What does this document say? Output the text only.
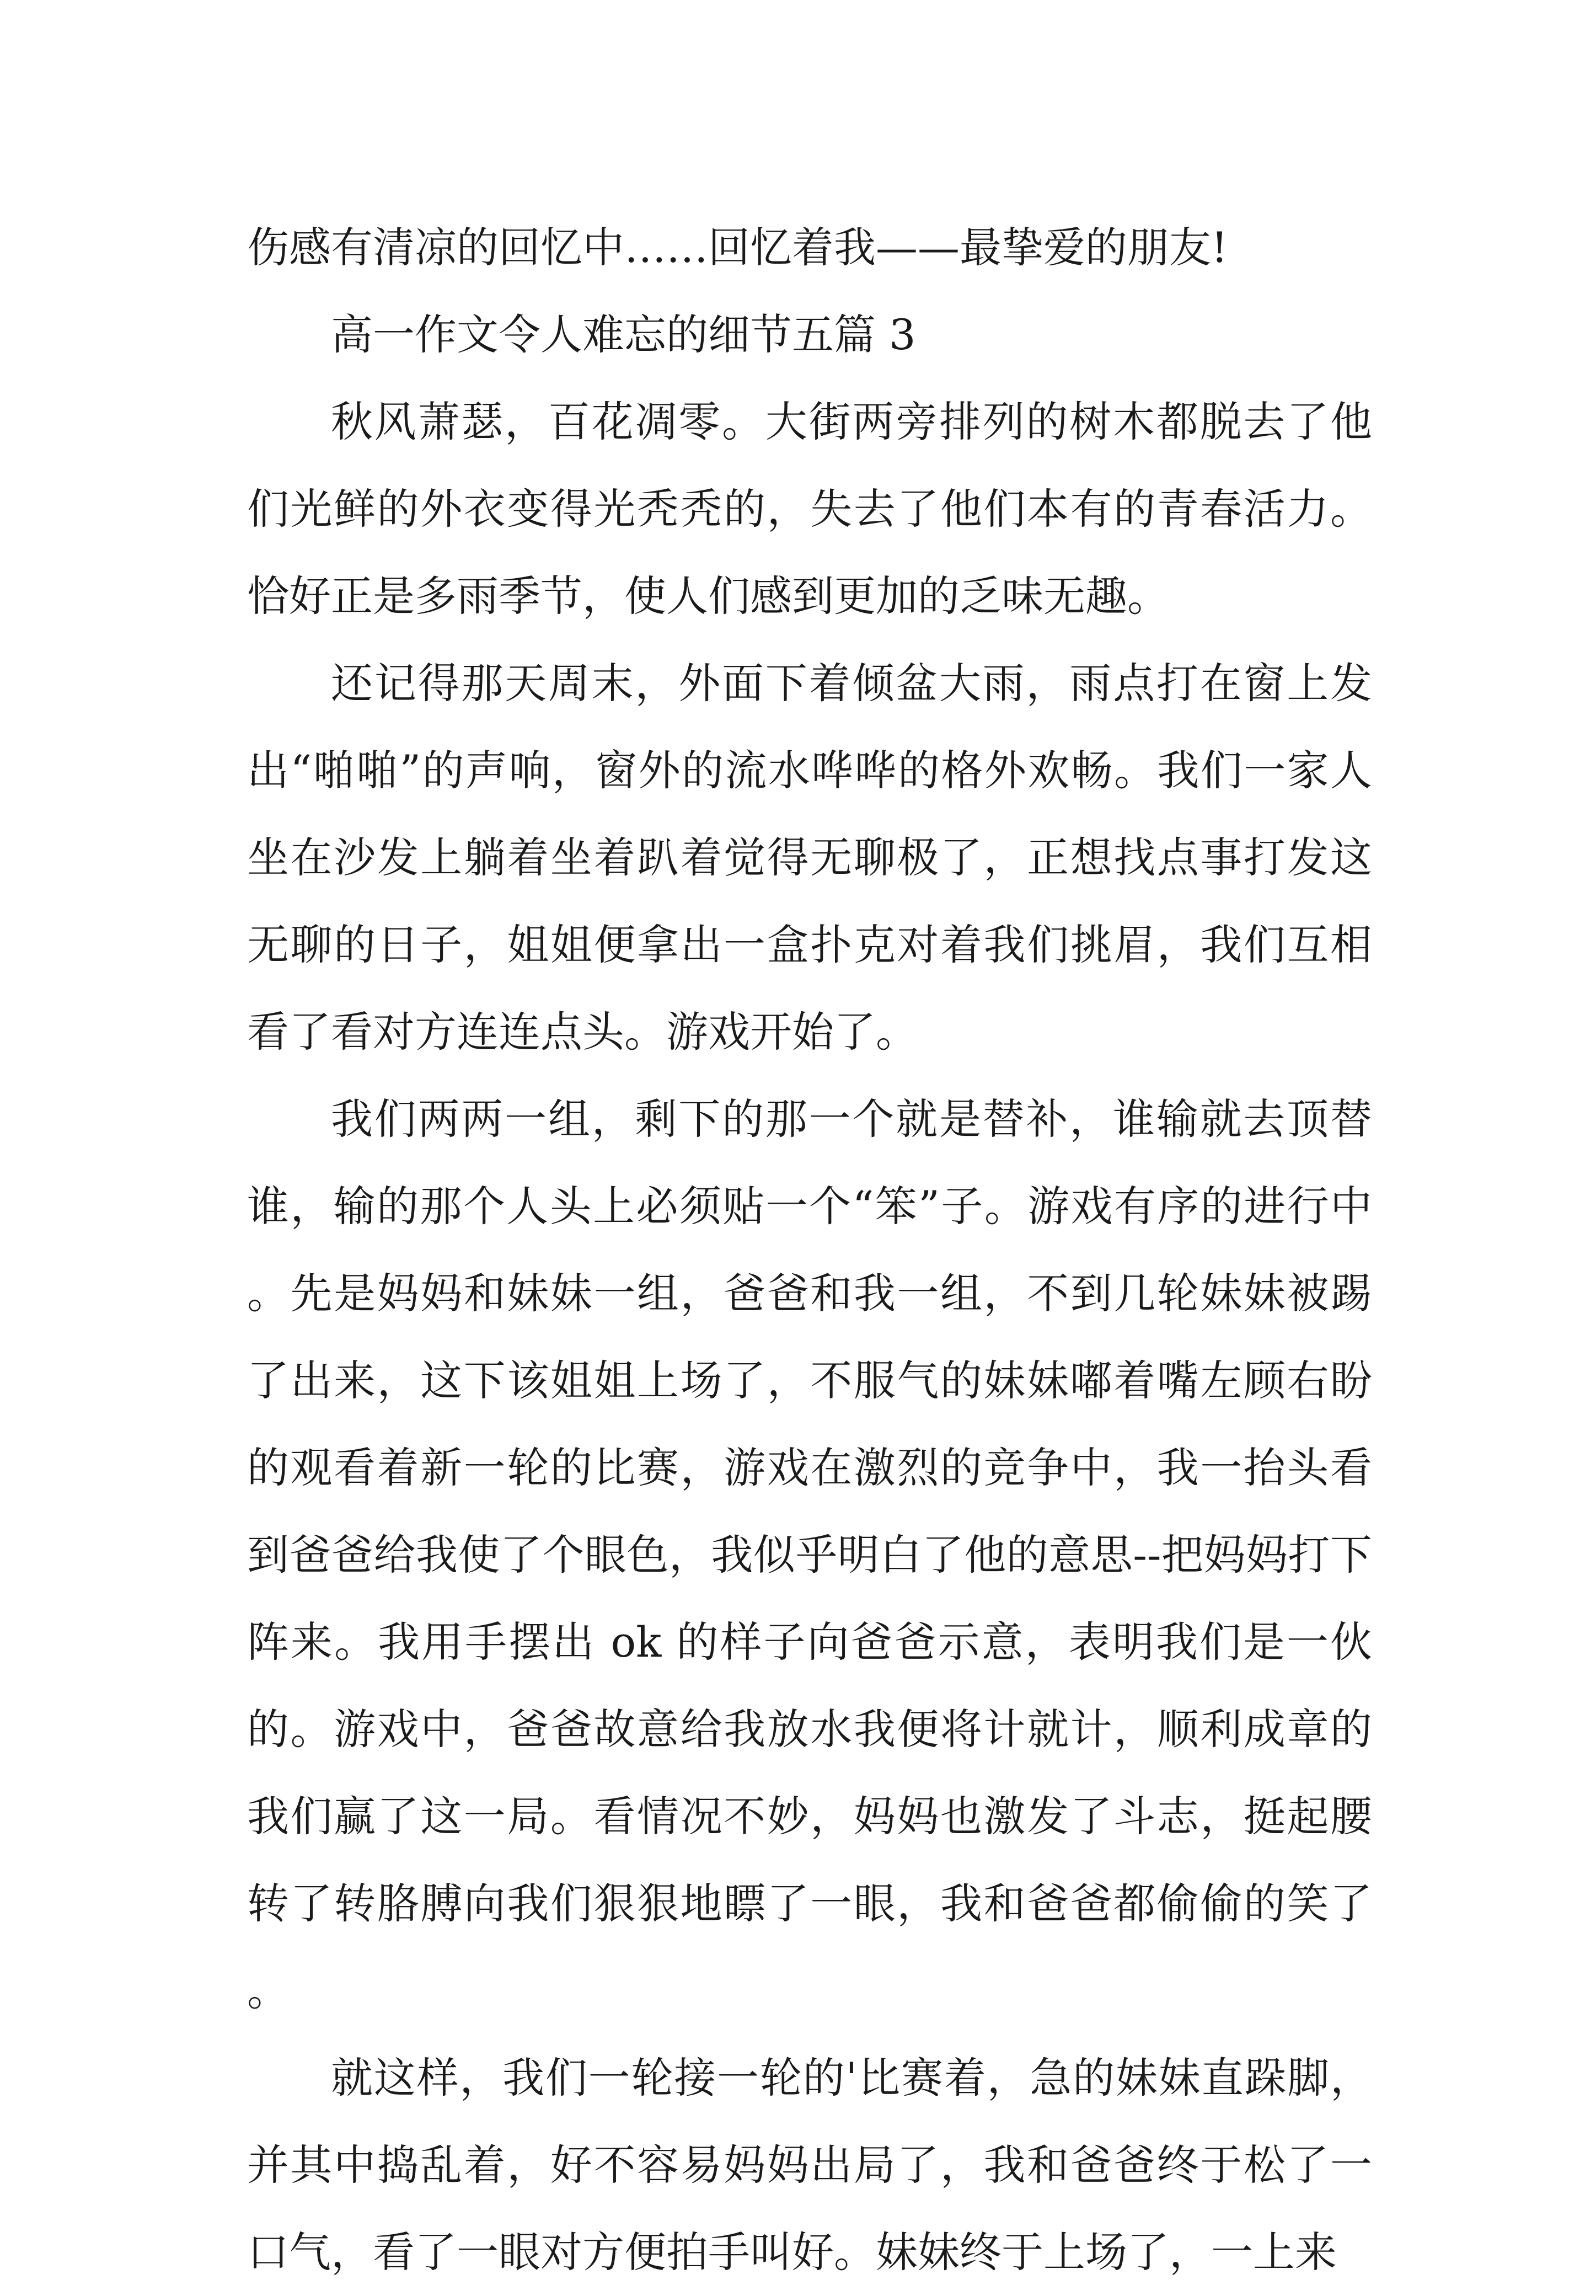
伤感有清凉的回忆中……回忆着我——最挚爱的朋友!

高一作文令人难忘的细节五篇 3

秋风萧瑟，百花凋零。大街两旁排列的树木都脱去了他们光鲜的外衣变得光秃秃的，失去了他们本有的青春活力。恰好正是多雨季节，使人们感到更加的乏味无趣。

还记得那天周末，外面下着倾盆大雨，雨点打在窗上发出“啪啪”的声响，窗外的流水哗哗的格外欢畅。我们一家人坐在沙发上躺着坐着趴着觉得无聊极了，正想找点事打发这无聊的日子，姐姐便拿出一盒扑克对着我们挑眉，我们互相看了看对方连连点头。游戏开始了。

我们两两一组，剩下的那一个就是替补，谁输就去顶替谁，输的那个人头上必须贴一个“笨”子。游戏有序的进行中。先是妈妈和妹妹一组，爸爸和我一组，不到几轮妹妹被踢了出来，这下该姐姐上场了，不服气的妹妹嘟着嘴左顾右盼的观看着新一轮的比赛，游戏在激烈的竞争中，我一抬头看到爸爸给我使了个眼色，我似乎明白了他的意思--把妈妈打下阵来。我用手摆出 ok 的样子向爸爸示意，表明我们是一伙的。游戏中，爸爸故意给我放水我便将计就计，顺利成章的我们赢了这一局。看情况不妙，妈妈也激发了斗志，挺起腰转了转胳膊向我们狠狠地瞟了一眼，我和爸爸都偷偷的笑了。

就这样，我们一轮接一轮的'比赛着，急的妹妹直跺脚，并其中捣乱着，好不容易妈妈出局了，我和爸爸终于松了一口气，看了一眼对方便拍手叫好。妹妹终于上场了，一上来
